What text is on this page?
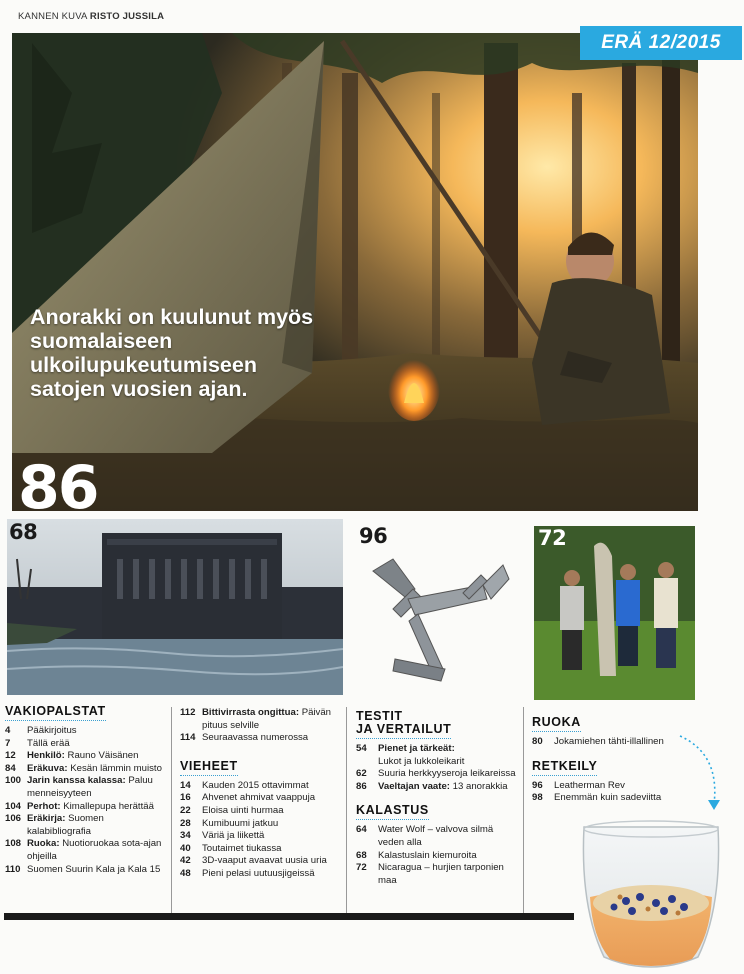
KANNEN KUVA RISTO JUSSILA
Anorakki on kuulunut myös suomalaiseen ulkoilupukeutumiseen satojen vuosien ajan.
86
ERÄ 12/2015
68	96	72
VAKIOPALSTAT
4	Pääkirjoitus
7	Tällä erää
12	Henkilö: Rauno Väisänen
84	Eräkuva: Kesän lämmin muisto
100 Jarin kanssa kalassa: Paluu menneisyyteen
104 Perhot: Kimallepupa herättää
106 Eräkirja: Suomen kalabibliografia
108 Ruoka: Nuotioruokaa sota-ajan ohjeilla
110 Suomen Suurin Kala ja Kala 15
112 Bittivirrasta ongittua: Päivän pituus selville
114 Seuraavassa numerossa
VIEHEET
14	Kauden 2015 ottavimmat
16	Ahvenet ahmivat vaappuja
22	Eloisa uinti hurmaa
28	Kumibuumi jatkuu
34	Väriä ja liikettä
40	Toutaimet tiukassa
42	3D-vaaput avaavat uusia uria
48	Pieni pelasi uutuusjigeissä
TESTIT
JA VERTAILUT
54	Pienet ja tärkeät:
Lukot ja lukkoleikarit
62	Suuria herkkyyseroja leikareissa
86	Vaeltajan vaate: 13 anorakkia
KALASTUS
64	Water Wolf – valvova silmä veden alla
68	Kalastuslain kiemuroita
72	Nicaragua – hurjien tarponien maa
RUOKA
80	Jokamiehen tähti-illallinen
RETKEILY
96	Leatherman Rev
98	Enemmän kuin sadeviitta
